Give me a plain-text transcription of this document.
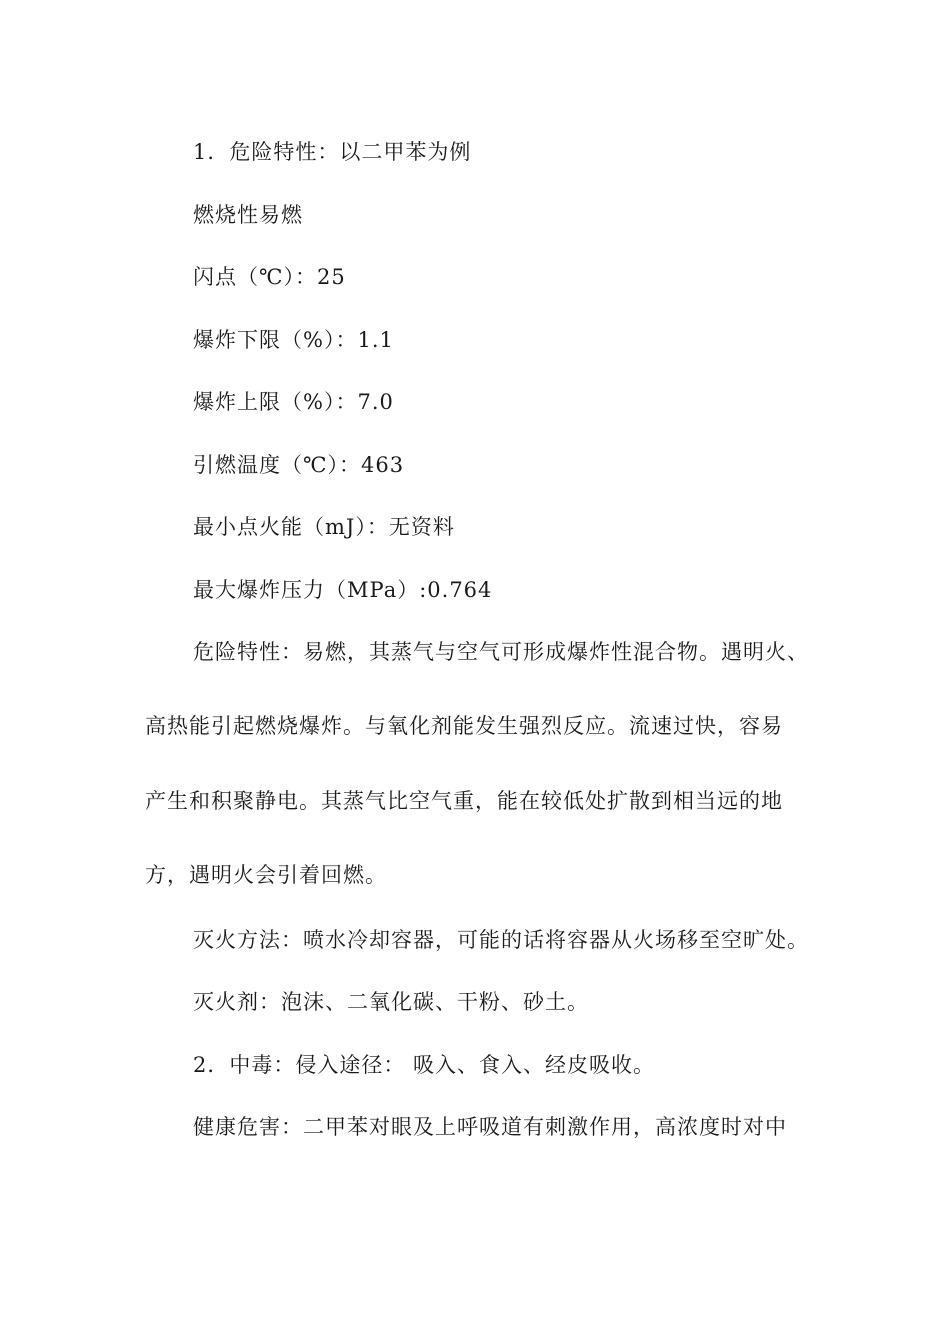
1．危险特性：以二甲苯为例
燃烧性易燃
闪点（℃）：25
爆炸下限（%）：1.1
爆炸上限（%）：7.0
引燃温度（℃）：463
最小点火能（mJ）：无资料
最大爆炸压力（MPa）:0.764
危险特性：易燃，其蒸气与空气可形成爆炸性混合物。遇明火、
高热能引起燃烧爆炸。与氧化剂能发生强烈反应。流速过快，容易
产生和积聚静电。其蒸气比空气重，能在较低处扩散到相当远的地
方，遇明火会引着回燃。
灭火方法：喷水冷却容器，可能的话将容器从火场移至空旷处。
灭火剂：泡沫、二氧化碳、干粉、砂土。
2．中毒：侵入途径： 吸入、食入、经皮吸收。
健康危害：二甲苯对眼及上呼吸道有刺激作用，高浓度时对中
